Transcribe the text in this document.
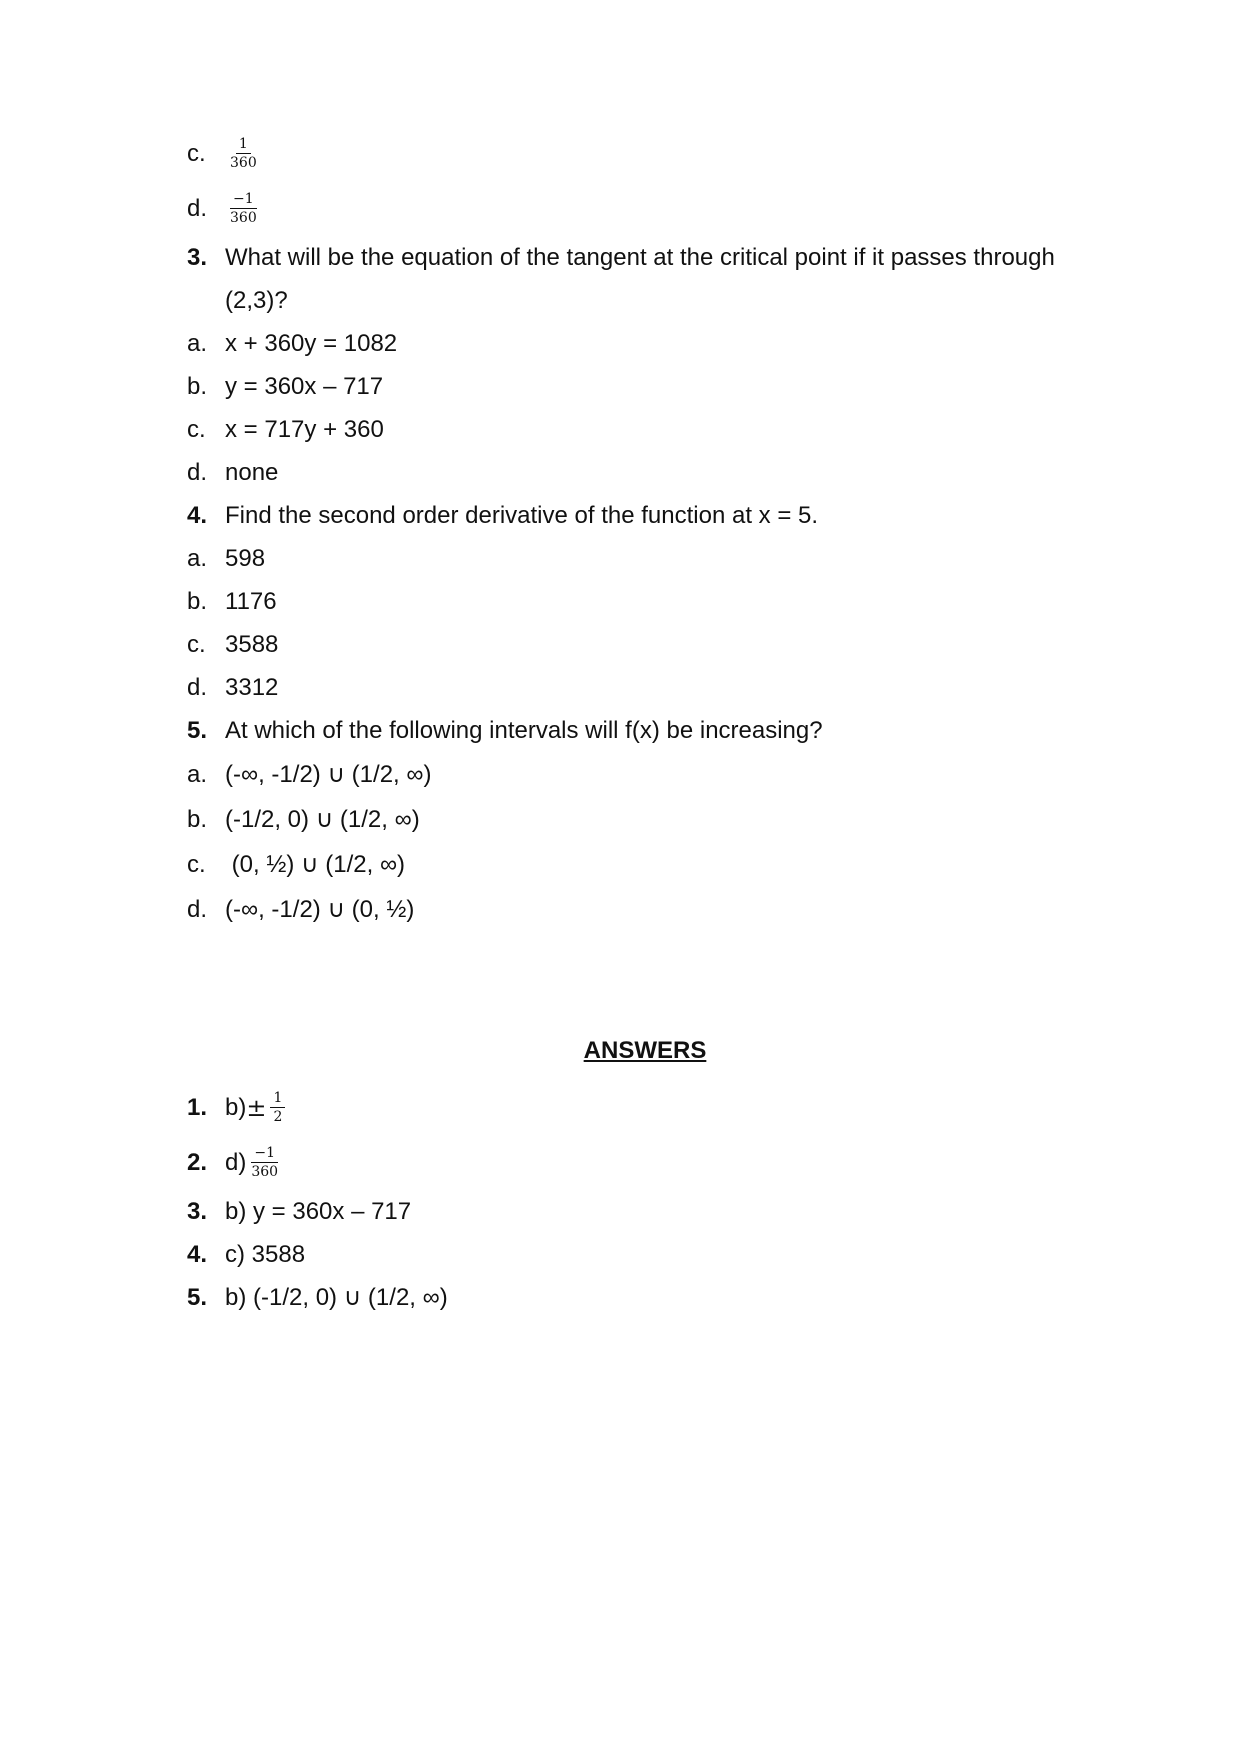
c.	$\frac{1}{360}$
d.	$\frac{-1}{360}$
3. What will be the equation of the tangent at the critical point if it passes through
(2,3)?
a. x + 360y = 1082
b. y = 360x – 717
c. x = 717y + 360
d. none
4. Find the second order derivative of the function at x = 5.
a. 598
b. 1176
c. 3588
d. 3312
5. At which of the following intervals will f(x) be increasing?
a. (-∞, -1/2) ∪ (1/2, ∞)
b. (-1/2, 0) ∪ (1/2, ∞)
c. (0, ½) ∪ (1/2, ∞)
d. (-∞, -1/2) ∪ (0, ½)
ANSWERS
1. $b) \pm \frac{1}{2}$
2. $d) \frac{-1}{360}$
3. b) y = 360x – 717
4. c) 3588
5. b) (-1/2, 0) ∪ (1/2, ∞)
